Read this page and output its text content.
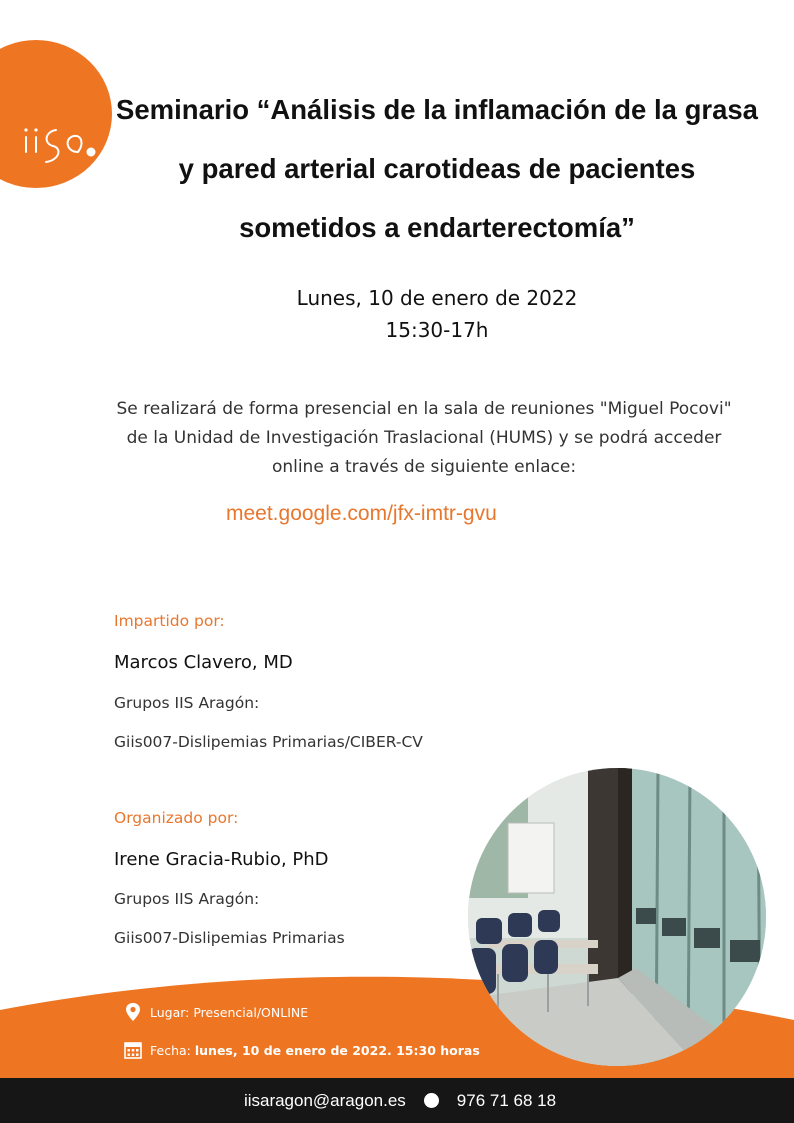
Seminario “Análisis de la inflamación de la grasa y pared arterial carotideas de pacientes sometidos a endarterectomía”
Lunes, 10 de enero de 2022
15:30-17h

Se realizará de forma presencial en la sala de reuniones "Miguel Pocovi" de la Unidad de Investigación Traslacional (HUMS) y se podrá acceder online a través de siguiente enlace:

meet.google.com/jfx-imtr-gvu
Impartido por:
Marcos Clavero, MD
Grupos IIS Aragón:
Giis007-Dislipemias Primarias/CIBER-CV
Organizado por:
Irene Gracia-Rubio, PhD
Grupos IIS Aragón:
Giis007-Dislipemias Primarias
Lugar: Presencial/ONLINE
Fecha:
lunes, 10 de enero de 2022. 15:30 horas
iisaragon@aragon.es	976 71 68 18
